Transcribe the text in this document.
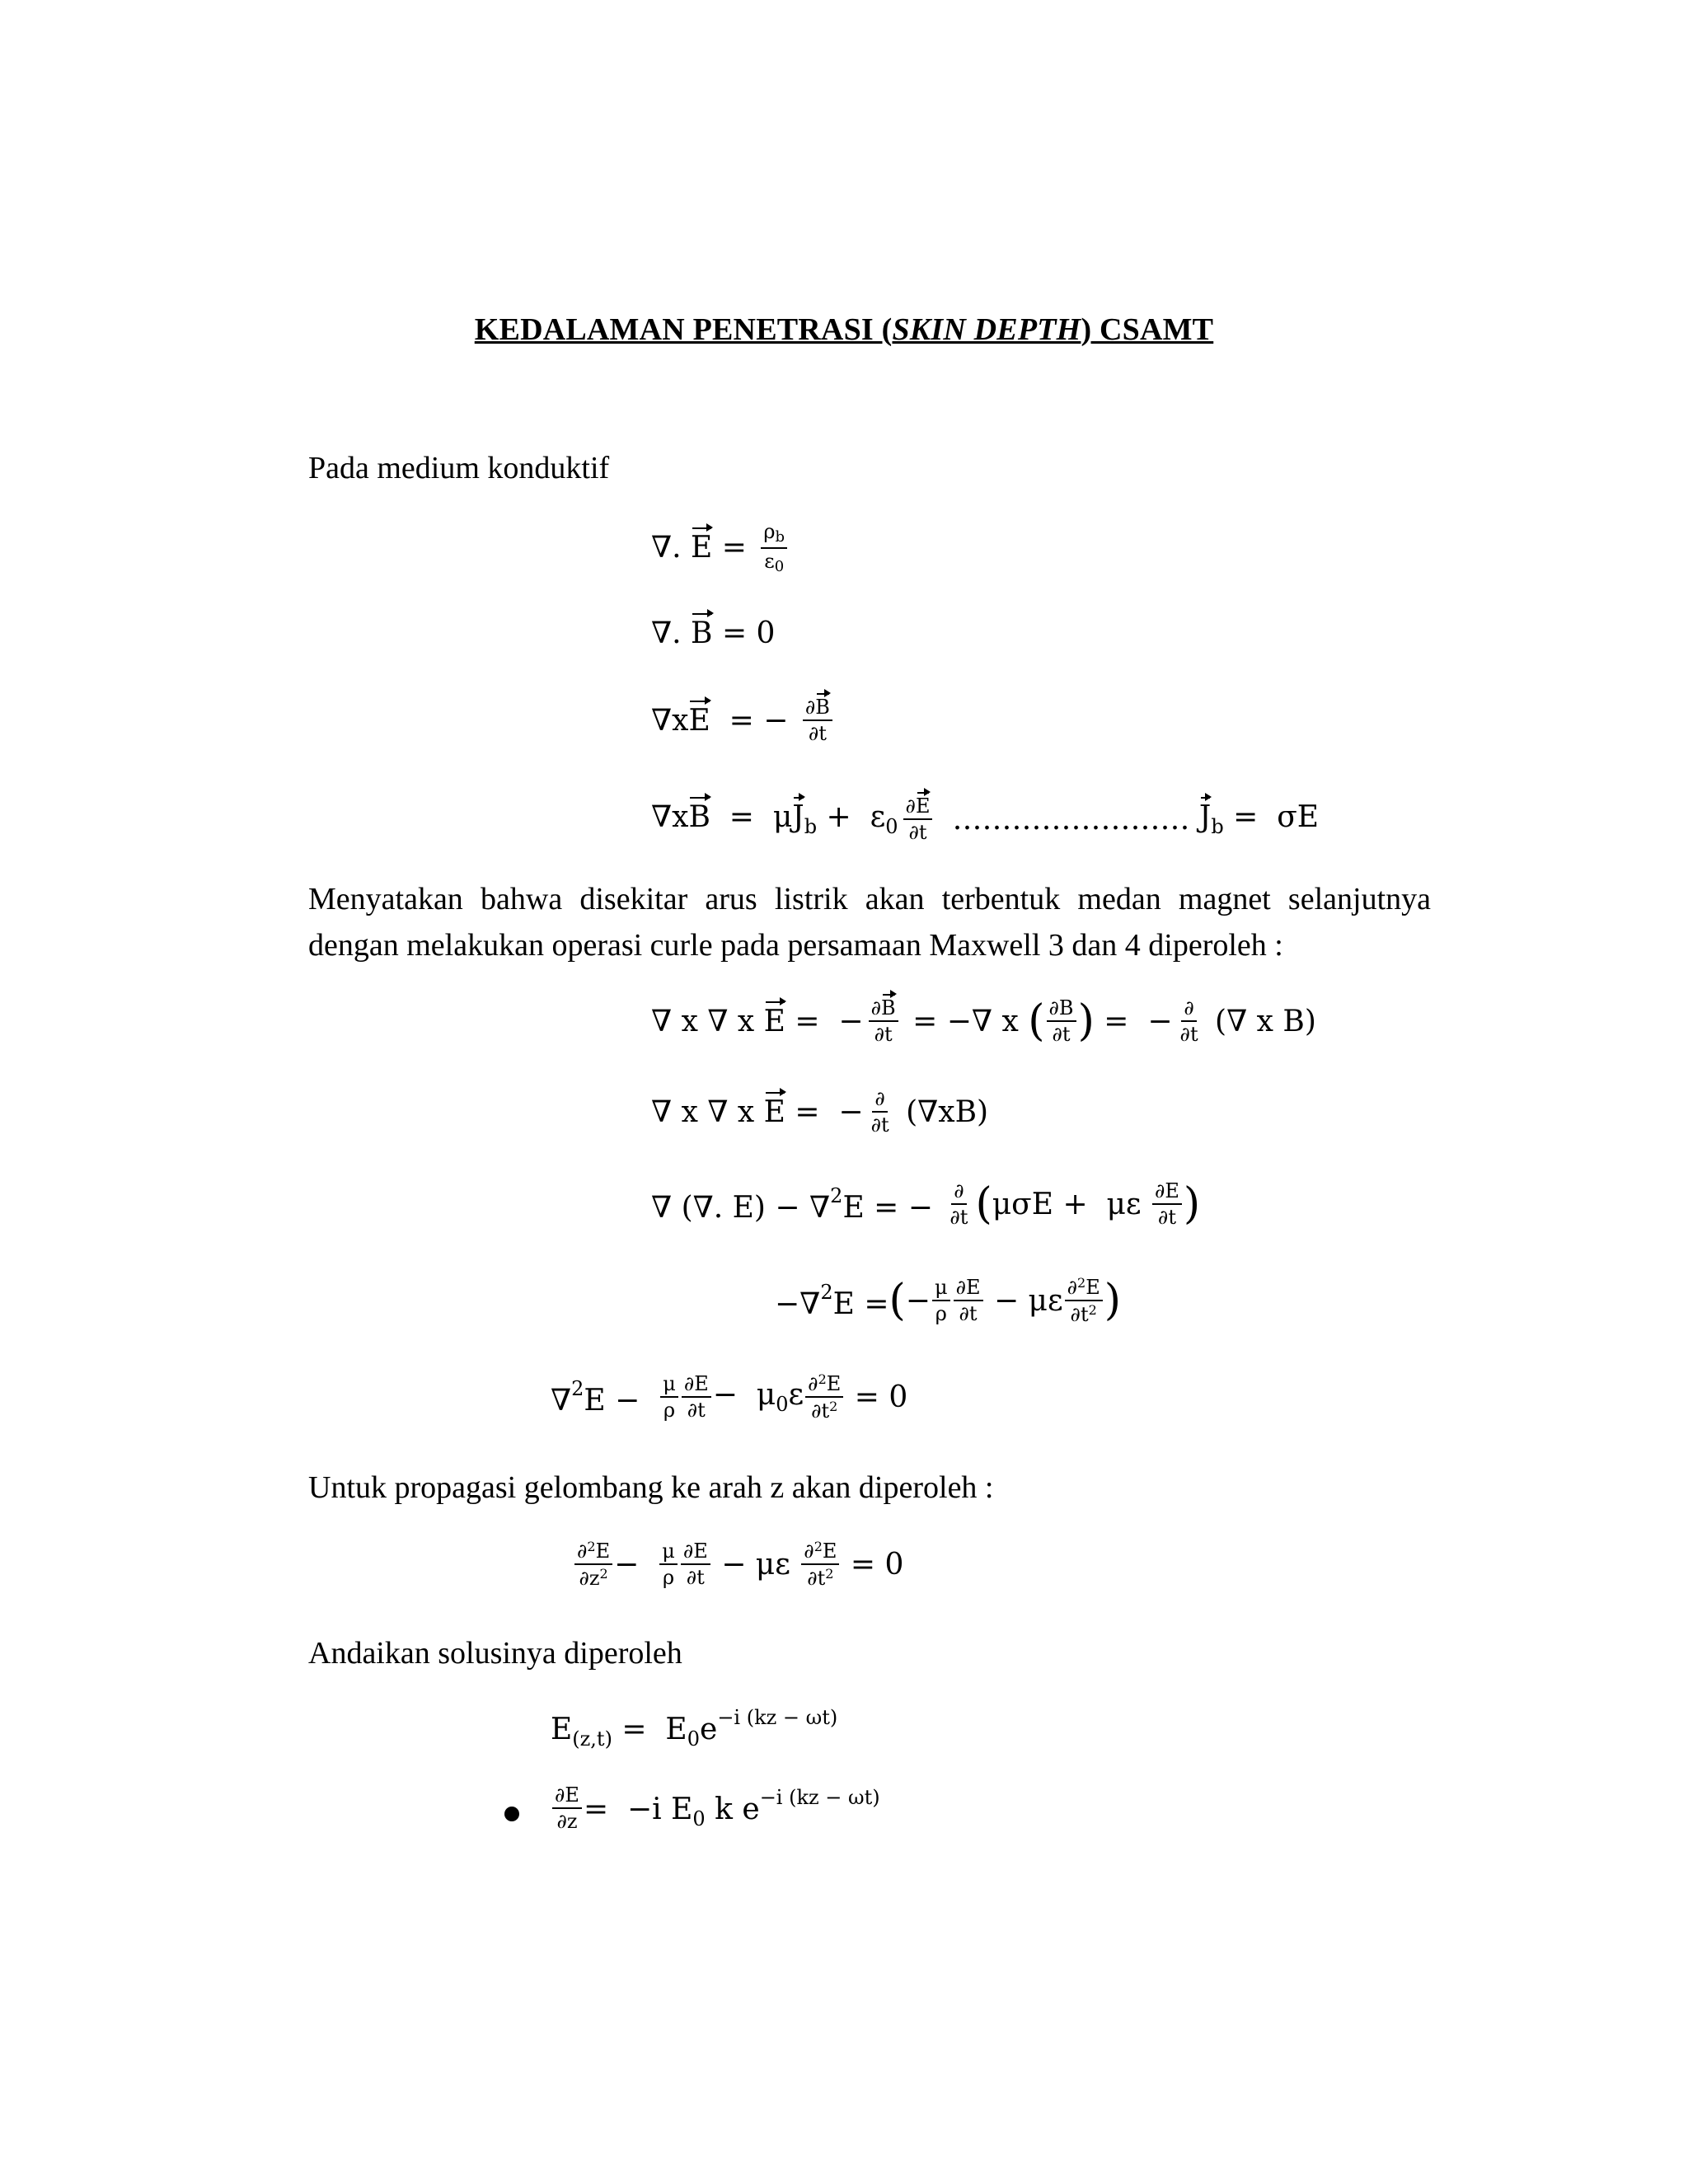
KEDALAMAN PENETRASI (SKIN DEPTH) CSAMT
Pada medium konduktif
∇. $E = \frac{\rho b}{\varepsilon 0}$
∇. B = 0
∇xE  = − $\frac{\partial B}{\partial t}$
$\nabla xB = \mu J_b + \varepsilon_0 \frac{\partial E}{\partial t}$ …………………… $J_b = \sigma E$
Menyatakan bahwa disekitar arus listrik akan terbentuk medan magnet selanjutnya dengan melakukan operasi curle pada persamaan Maxwell 3 dan 4 diperoleh :
∇ x ∇ x E =  − $\frac{\partial B}{\partial t}$ = −∇ x ( $\frac{\partial B}{\partial t}$ ) =  − $\frac{\partial}{\partial t}$ (∇ x B)
∇ x ∇ x E =  − $\frac{\partial}{\partial t} (\nabla xB)$
∇ (∇. E) − ∇$^2$E = − $\frac{\partial}{\partial t}$ ( μσE +  με $\frac{\partial E}{\partial t}$ )
−∇$^2$E = ( − $\frac{\mu}{\rho} \frac{\partial E}{\partial t} - \mu\varepsilon \frac{\partial^2E}{\partial t^2}$ )
$\nabla^2E - \frac{\mu}{\rho} \frac{\partial E}{\partial t} - \mu_0\varepsilon \frac{\partial^2E}{\partial t^2} = 0$
Untuk propagasi gelombang ke arah z akan diperoleh :
$\frac{\partial^2E}{\partial z^2} - \frac{\mu}{\rho} \frac{\partial E}{\partial t} - \mu\varepsilon \frac{\partial^2E}{\partial t^2} = 0$
Andaikan solusinya diperoleh
$E_{(z,t)} = E_0e^{-i (kz - \omega t)}$
$\frac{\partial E}{\partial z} = -i$ $E_0$ k $e^{-i (kz - \omega t)}$
